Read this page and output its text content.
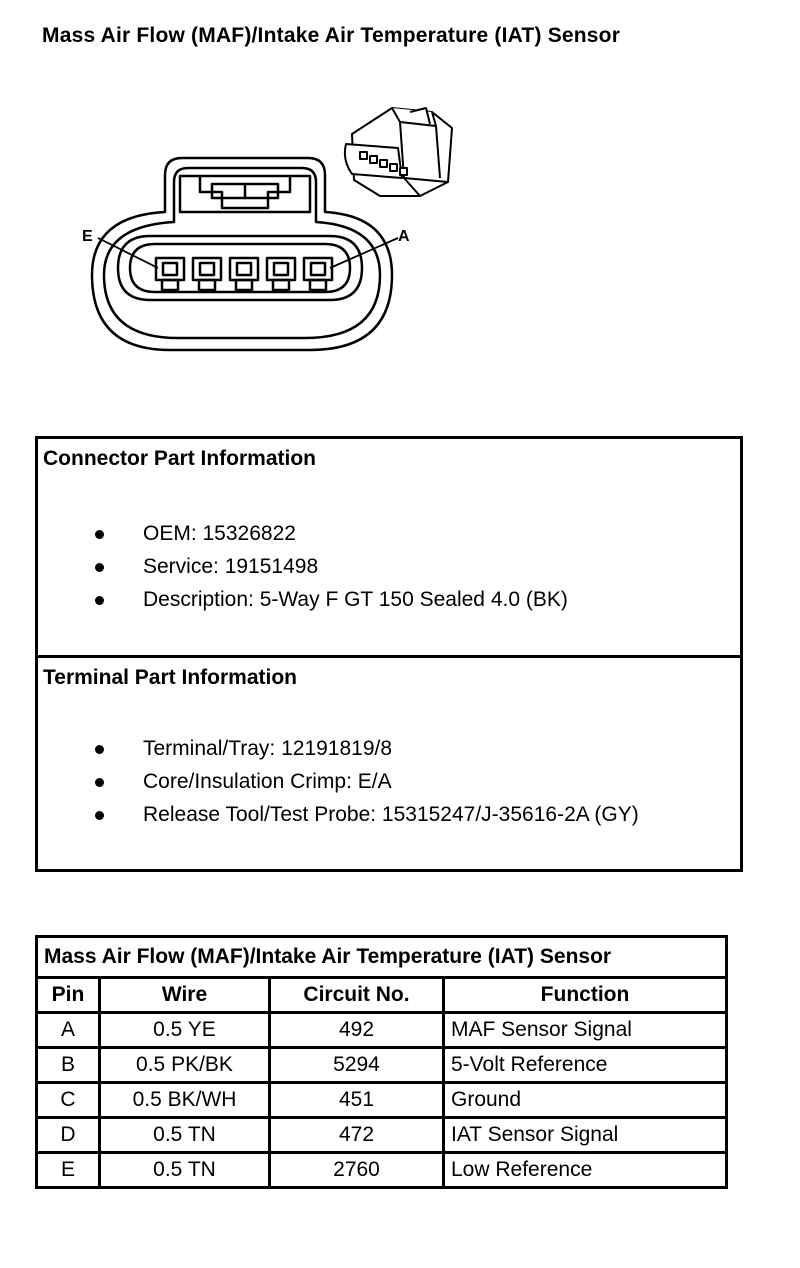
Mass Air Flow (MAF)/Intake Air Temperature (IAT) Sensor
E	A
Connector Part Information
OEM: 15326822
Service: 19151498
Description: 5-Way F GT 150 Sealed 4.0 (BK)
Terminal Part Information
Terminal/Tray: 12191819/8
Core/Insulation Crimp: E/A
Release Tool/Test Probe: 15315247/J-35616-2A (GY)
Mass Air Flow (MAF)/Intake Air Temperature (IAT) Sensor			
Pin	Wire	Circuit No.	Function
A	0.5 YE	492	MAF Sensor Signal
B	0.5 PK/BK	5294	5-Volt Reference
C	0.5 BK/WH	451	Ground
D	0.5 TN	472	IAT Sensor Signal
E	0.5 TN	2760	Low Reference
